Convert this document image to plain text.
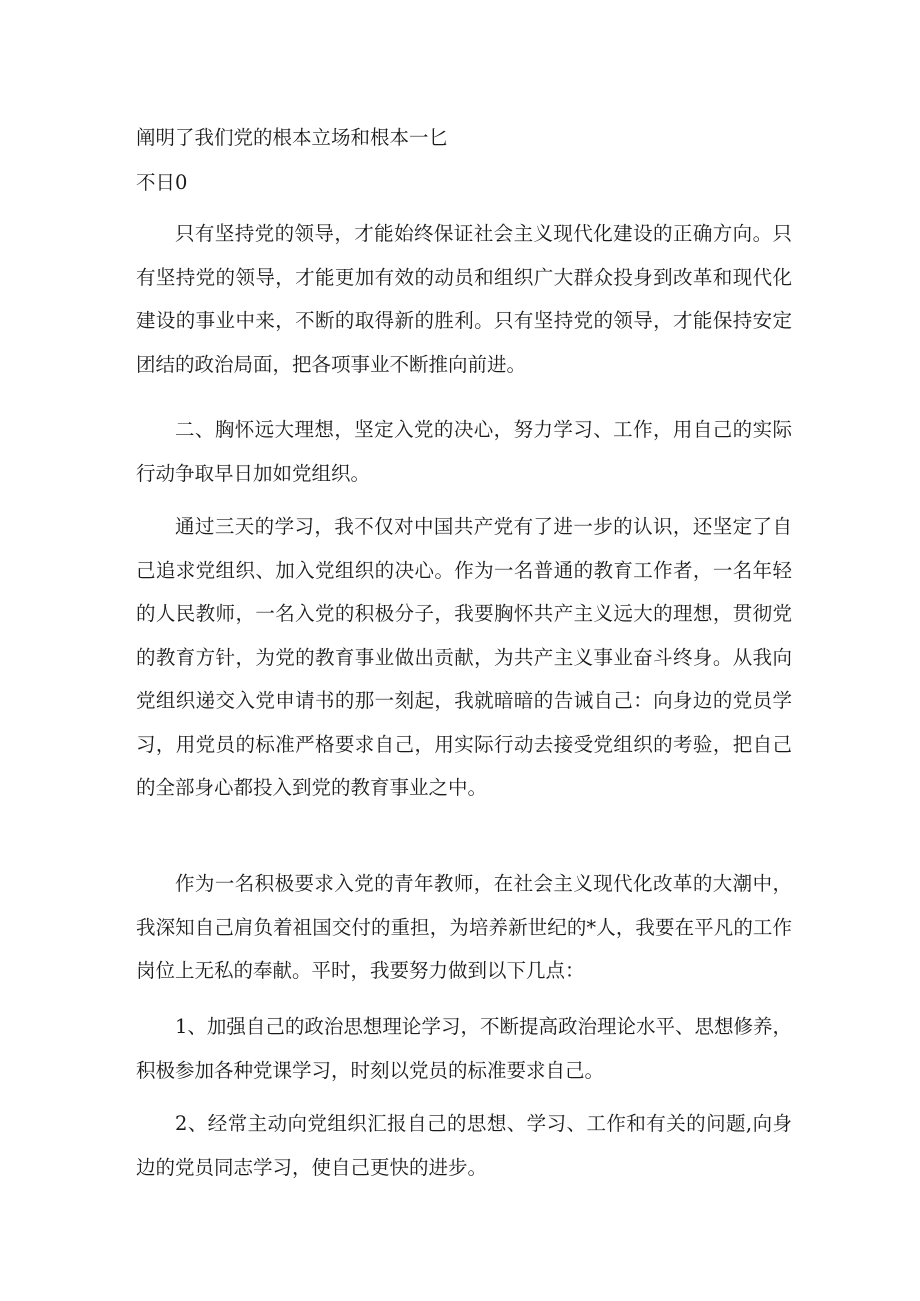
阐明了我们党的根本立场和根本一匕
不日0

只有坚持党的领导，才能始终保证社会主义现代化建设的正确方向。只有坚持党的领导，才能更加有效的动员和组织广大群众投身到改革和现代化建设的事业中来，不断的取得新的胜利。只有坚持党的领导，才能保持安定团结的政治局面，把各项事业不断推向前进。

二、胸怀远大理想，坚定入党的决心，努力学习、工作，用自己的实际行动争取早日加如党组织。

通过三天的学习，我不仅对中国共产党有了进一步的认识，还坚定了自己追求党组织、加入党组织的决心。作为一名普通的教育工作者，一名年轻的人民教师，一名入党的积极分子，我要胸怀共产主义远大的理想，贯彻党的教育方针，为党的教育事业做出贡献，为共产主义事业奋斗终身。从我向党组织递交入党申请书的那一刻起，我就暗暗的告诫自己：向身边的党员学习，用党员的标准严格要求自己，用实际行动去接受党组织的考验，把自己的全部身心都投入到党的教育事业之中。

作为一名积极要求入党的青年教师，在社会主义现代化改革的大潮中，我深知自己肩负着祖国交付的重担，为培养新世纪的*人，我要在平凡的工作岗位上无私的奉献。平时，我要努力做到以下几点：

1、加强自己的政治思想理论学习，不断提高政治理论水平、思想修养，积极参加各种党课学习，时刻以党员的标准要求自己。

2、经常主动向党组织汇报自己的思想、学习、工作和有关的问题,向身边的党员同志学习，使自己更快的进步。
